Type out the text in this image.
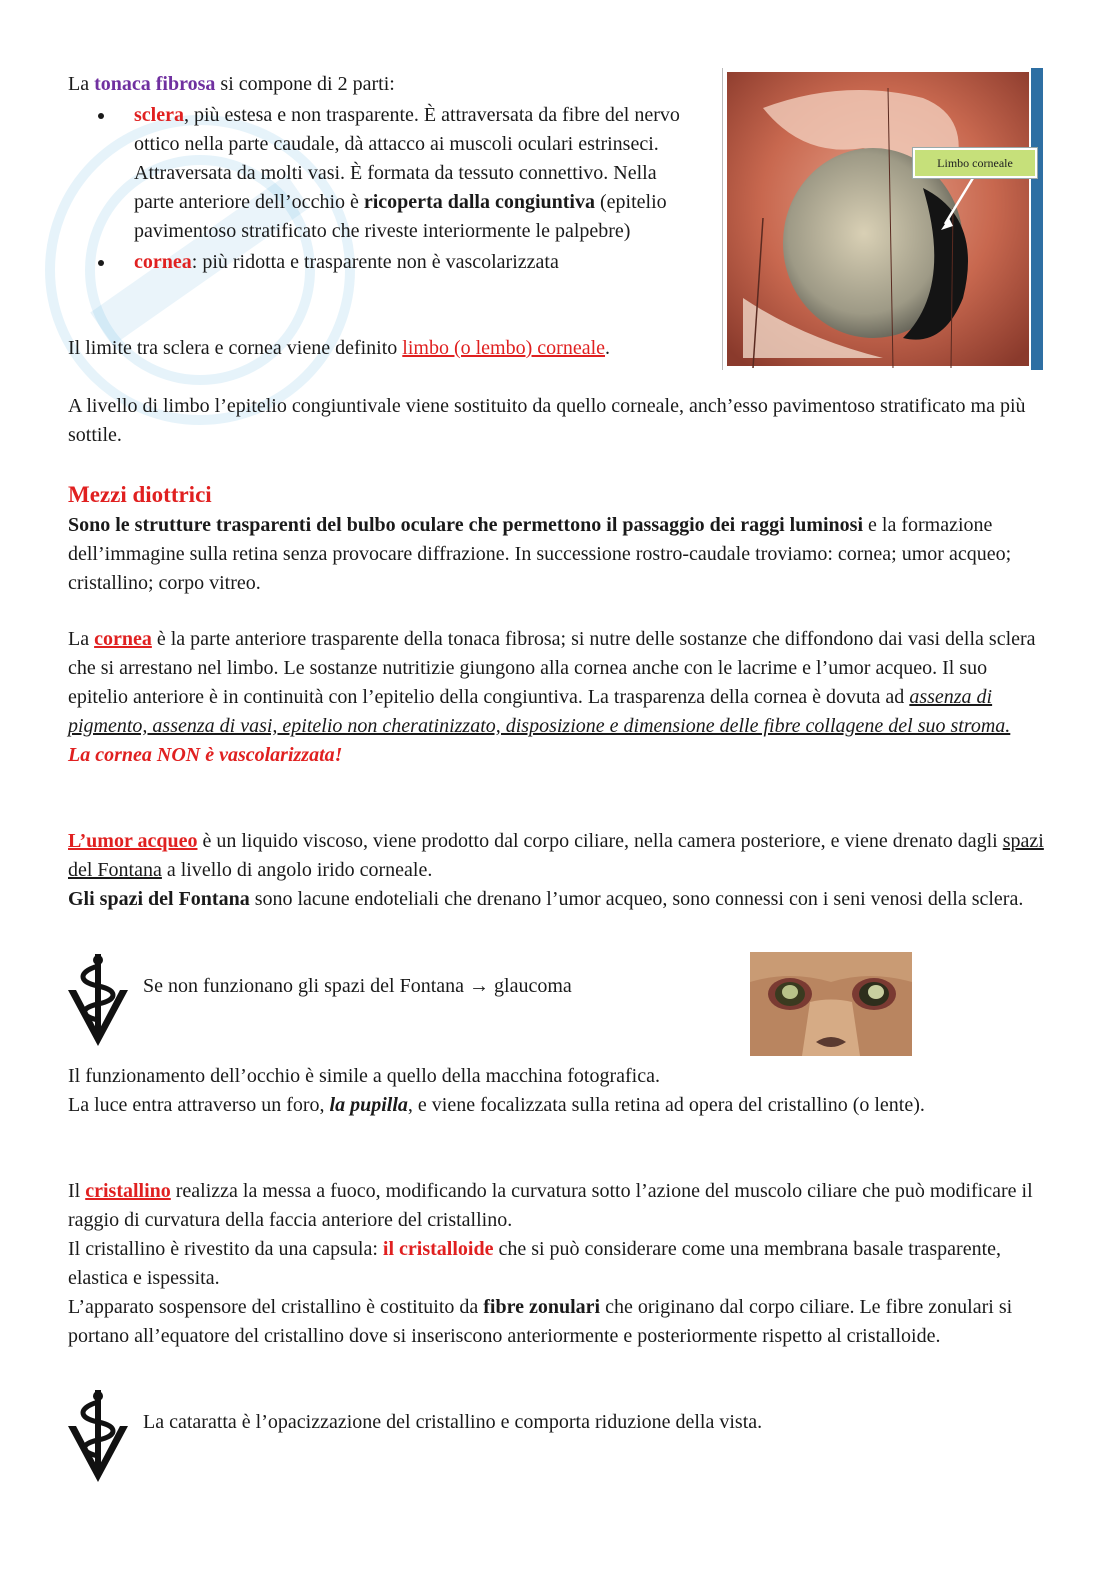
La tonaca fibrosa si compone di 2 parti:

sclera, più estesa e non trasparente. È attraversata da fibre del nervo ottico nella parte caudale, dà attacco ai muscoli oculari estrinseci. Attraversata da molti vasi. È formata da tessuto connettivo. Nella parte anteriore dell’occhio è ricoperta dalla congiuntiva (epitelio pavimentoso stratificato che riveste interiormente le palpebre)
cornea: più ridotta e trasparente non è vascolarizzata

Il limite tra sclera e cornea viene definito limbo (o lembo) corneale.

Limbo corneale

A livello di limbo l’epitelio congiuntivale viene sostituito da quello corneale, anch’esso pavimentoso stratificato ma più sottile.

Mezzi diottrici

Sono le strutture trasparenti del bulbo oculare che permettono il passaggio dei raggi luminosi e la formazione dell’immagine sulla retina senza provocare diffrazione. In successione rostro-caudale troviamo: cornea; umor acqueo; cristallino; corpo vitreo.

La cornea è la parte anteriore trasparente della tonaca fibrosa; si nutre delle sostanze che diffondono dai vasi della sclera che si arrestano nel limbo. Le sostanze nutritizie giungono alla cornea anche con le lacrime e l’umor acqueo. Il suo epitelio anteriore è in continuità con l’epitelio della congiuntiva. La trasparenza della cornea è dovuta ad assenza di pigmento, assenza di vasi, epitelio non cheratinizzato, disposizione e dimensione delle fibre collagene del suo stroma.
La cornea NON è vascolarizzata!

L’umor acqueo è un liquido viscoso, viene prodotto dal corpo ciliare, nella camera posteriore, e viene drenato dagli spazi del Fontana a livello di angolo irido corneale.
Gli spazi del Fontana sono lacune endoteliali che drenano l’umor acqueo, sono connessi con i seni venosi della sclera.

Se non funzionano gli spazi del Fontana → glaucoma

Il funzionamento dell’occhio è simile a quello della macchina fotografica.
La luce entra attraverso un foro, la pupilla, e viene focalizzata sulla retina ad opera del cristallino (o lente).

Il cristallino realizza la messa a fuoco, modificando la curvatura sotto l’azione del muscolo ciliare che può modificare il raggio di curvatura della faccia anteriore del cristallino.
Il cristallino è rivestito da una capsula: il cristalloide che si può considerare come una membrana basale trasparente, elastica e ispessita.
L’apparato sospensore del cristallino è costituito da fibre zonulari che originano dal corpo ciliare. Le fibre zonulari si portano all’equatore del cristallino dove si inseriscono anteriormente e posteriormente rispetto al cristalloide.

La cataratta è l’opacizzazione del cristallino e comporta riduzione della vista.
